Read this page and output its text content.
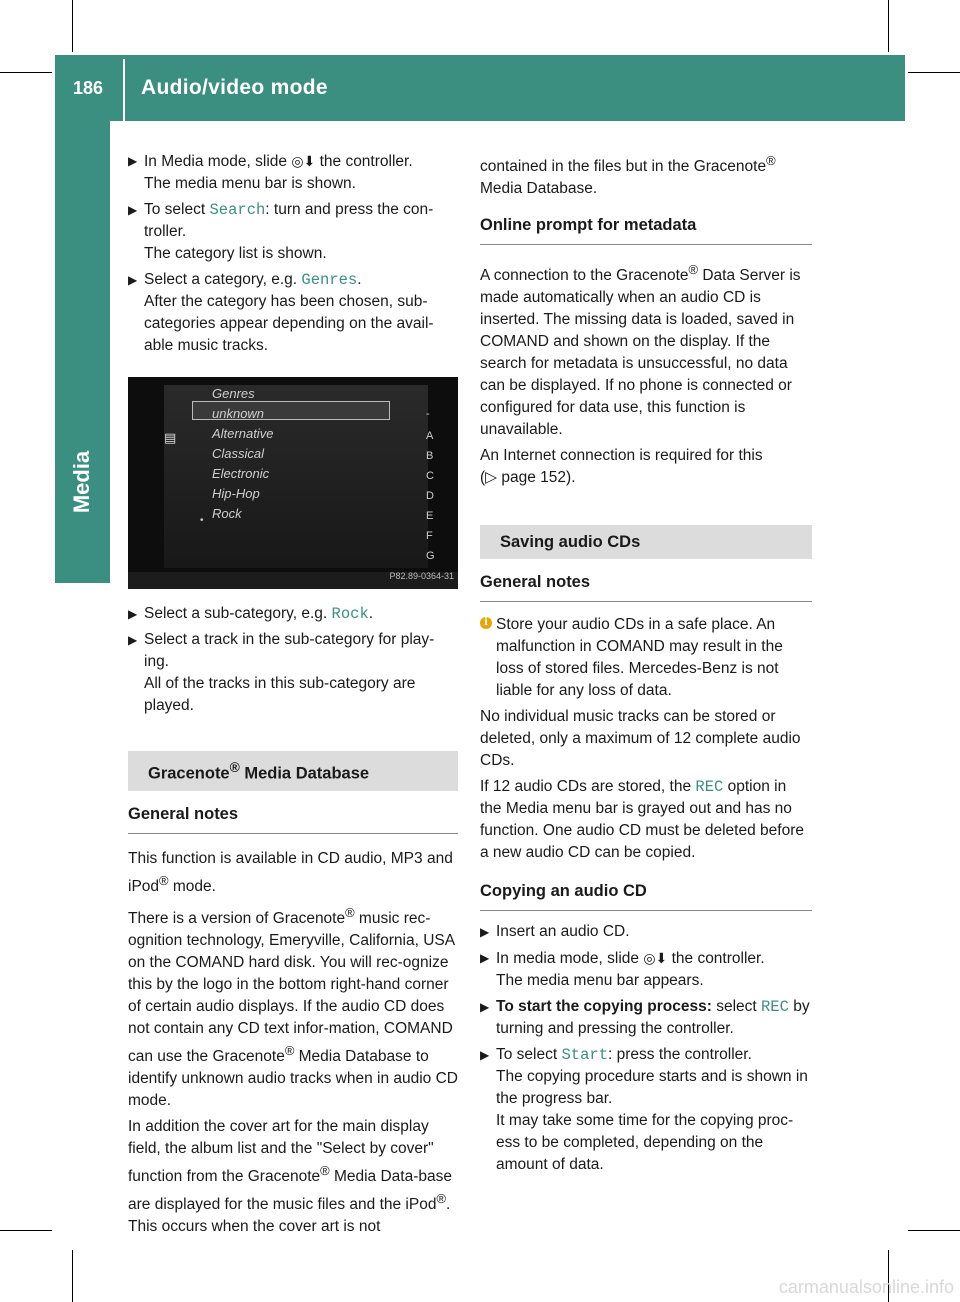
186	Audio/video mode
Media
▶ In Media mode, slide ◎⬇ the controller.
The media menu bar is shown.
▶ To select Search: turn and press the con-troller.
The category list is shown.
▶ Select a category, e.g. Genres.
After the category has been chosen, sub-categories appear depending on the avail-able music tracks.
Genres
▤
unknown
Alternative
Classical
Electronic
Hip-Hop
• Rock
-
A
B
C
D
E
F
G
P82.89-0364-31
▶ Select a sub-category, e.g. Rock.
▶ Select a track in the sub-category for play-ing.
All of the tracks in this sub-category are played.
Gracenote® Media Database
General notes

This function is available in CD audio, MP3 and iPod® mode.

There is a version of Gracenote® music rec-ognition technology, Emeryville, California, USA on the COMAND hard disk. You will rec-ognize this by the logo in the bottom right-hand corner of certain audio displays. If the audio CD does not contain any CD text infor-mation, COMAND can use the Gracenote® Media Database to identify unknown audio tracks when in audio CD mode.

In addition the cover art for the main display field, the album list and the "Select by cover" function from the Gracenote® Media Data-base are displayed for the music files and the iPod®. This occurs when the cover art is not

contained in the files but in the Gracenote® Media Database.

Online prompt for metadata

A connection to the Gracenote® Data Server is made automatically when an audio CD is inserted. The missing data is loaded, saved in COMAND and shown on the display. If the search for metadata is unsuccessful, no data can be displayed. If no phone is connected or configured for data use, this function is unavailable.

An Internet connection is required for this
(▷ page 152).

Saving audio CDs
General notes
i Store your audio CDs in a safe place. An malfunction in COMAND may result in the loss of stored files. Mercedes-Benz is not liable for any loss of data.

No individual music tracks can be stored or deleted, only a maximum of 12 complete audio CDs.

If 12 audio CDs are stored, the REC option in the Media menu bar is grayed out and has no function. One audio CD must be deleted before a new audio CD can be copied.

Copying an audio CD
▶ Insert an audio CD.
▶ In media mode, slide ◎⬇ the controller.
The media menu bar appears.
▶ To start the copying process: select REC by turning and pressing the controller.
▶ To select Start: press the controller.
The copying procedure starts and is shown in the progress bar.
It may take some time for the copying proc-ess to be completed, depending on the amount of data.
carmanualsonline.info
